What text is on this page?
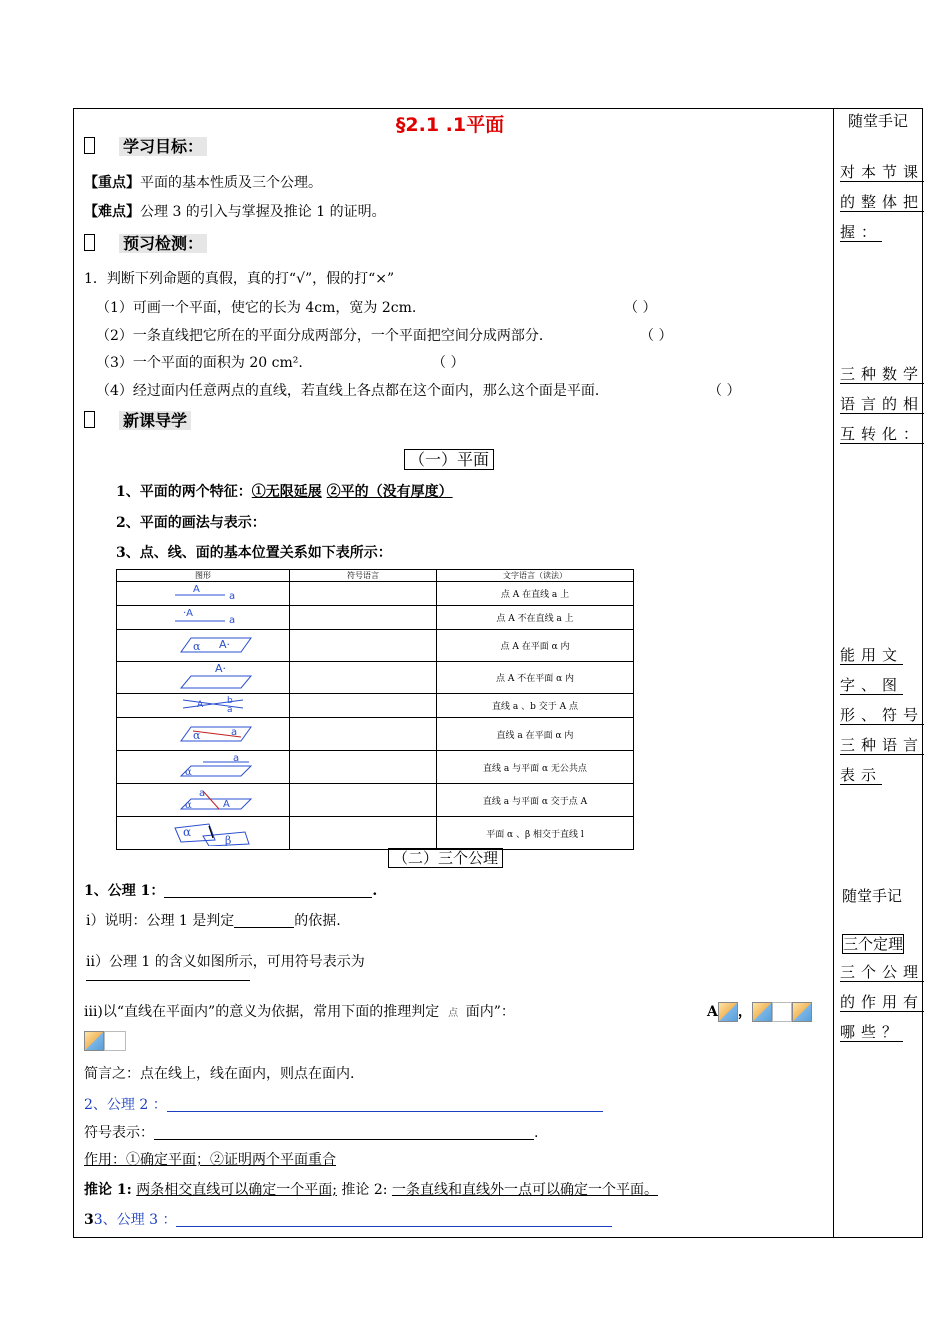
§2.1 .1平面
学习目标：
【重点】平面的基本性质及三个公理。
【难点】公理 3 的引入与掌握及推论 1 的证明。
预习检测：
1．判断下列命题的真假，真的打“√”，假的打“×”
（1）可画一个平面，使它的长为 4cm，宽为 2cm.	（ ）
（2）一条直线把它所在的平面分成两部分，一个平面把空间分成两部分．	（ ）
（3）一个平面的面积为 20 cm².	（ ）
（4）经过面内任意两点的直线，若直线上各点都在这个面内，那么这个面是平面．	（ ）
新课导学
（一）平面
1、平面的两个特征：①无限延展 ②平的（没有厚度）
2、平面的画法与表示：
3、点、线、面的基本位置关系如下表所示：
图形	符号语言	文字语言（读法）

A
a		点 A 在直线 a 上

·A
a		点 A 不在直线 a 上

α A·		点 A 在平面 α 内

A·		点 A 不在平面 α 内

A b
a		直线 a 、b 交于 A 点

α a		直线 a 在平面 α 内

α
a		直线 a 与平面 α 无公共点

α
a
A		直线 a 与平面 α 交于点 A

α
β		平面 α 、β 相交于直线 l
（二）三个公理
1、公理 1：	.
ⅰ）说明：公理 1 是判定	的依据.
ⅱ）公理 1 的含义如图所示，可用符号表示为
ⅲ)以“直线在平面内”的意义为依据，常用下面的推理判定 点  面内”：	A ，
简言之：点在线上，线在面内，则点在面内.
2、公理 2 ：
符号表示：	.
作用：①确定平面；②证明两个平面重合
推论 1: 两条相交直线可以确定一个平面; 推论 2: 一条直线和直线外一点可以确定一个平面。
33、公理 3 ：
随堂手记
对本节课的整体把握：
三种数学语言的相互转化：
能用文字、图形、符号三种语言表示
随堂手记
三个定理
三个公理的作用有哪些？
